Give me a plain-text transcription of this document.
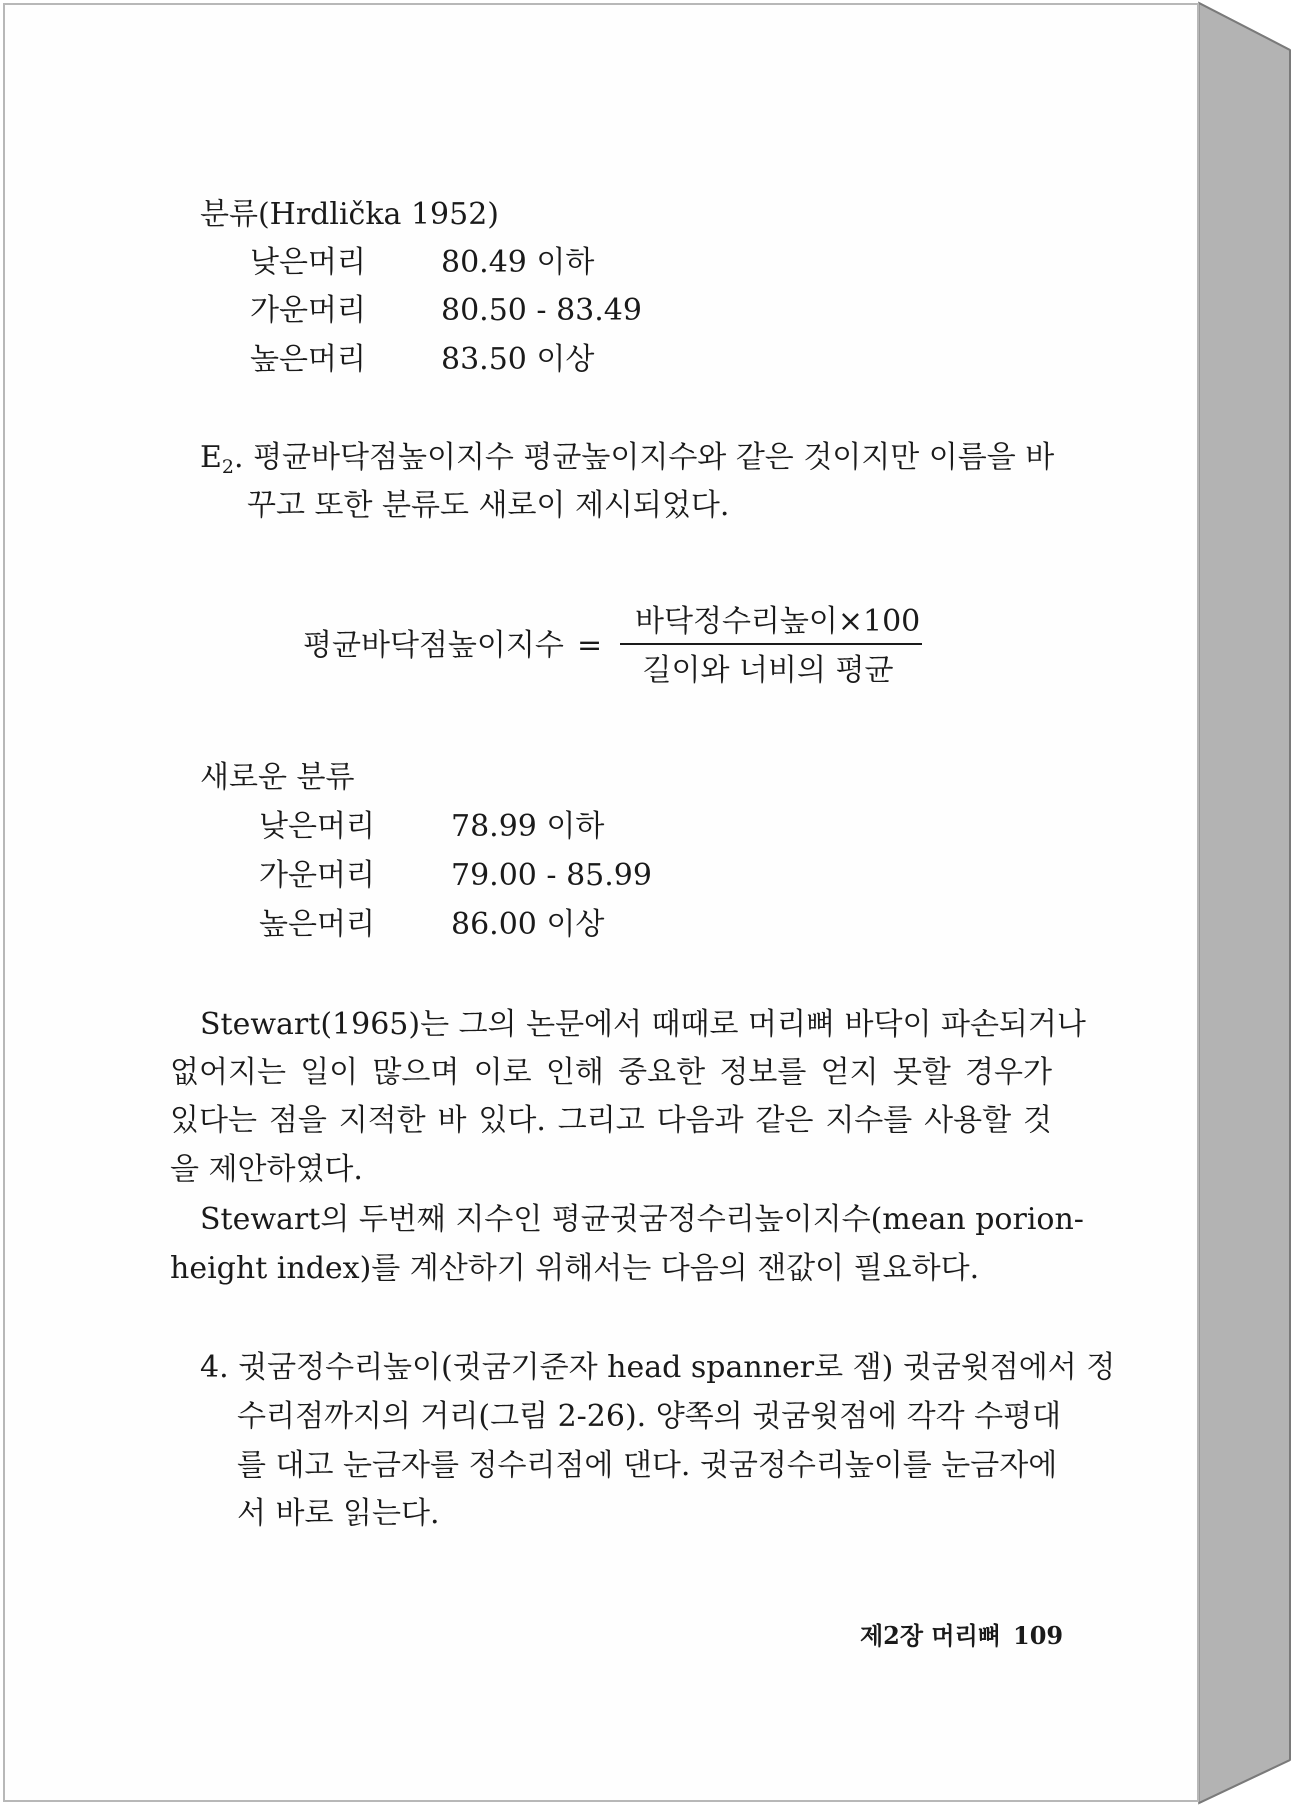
분류(Hrdlička 1952)
낮은머리	80.49 이하
가운머리	80.50 - 83.49
높은머리	83.50 이상
$E_2$. 평균바닥점높이지수 평균높이지수와 같은 것이지만 이름을 바
꾸고 또한 분류도 새로이 제시되었다.
평균바닥점높이지수 =
바닥정수리높이×100
길이와 너비의 평균
새로운 분류
낮은머리	78.99 이하
가운머리	79.00 - 85.99
높은머리	86.00 이상
Stewart(1965)는 그의 논문에서 때때로 머리뼈 바닥이 파손되거나
없어지는 일이 많으며 이로 인해 중요한 정보를 얻지 못할 경우가
있다는 점을 지적한 바 있다. 그리고 다음과 같은 지수를 사용할 것
을 제안하였다.
Stewart의 두번째 지수인 평균귓굼정수리높이지수(mean porion-
height index)를 계산하기 위해서는 다음의 잰값이 필요하다.
4. 귓굼정수리높이(귓굼기준자 head spanner로 잼) 귓굼윗점에서 정
수리점까지의 거리(그림 2-26). 양쪽의 귓굼윗점에 각각 수평대
를 대고 눈금자를 정수리점에 댄다. 귓굼정수리높이를 눈금자에
서 바로 읽는다.
제2장 머리뼈 109
